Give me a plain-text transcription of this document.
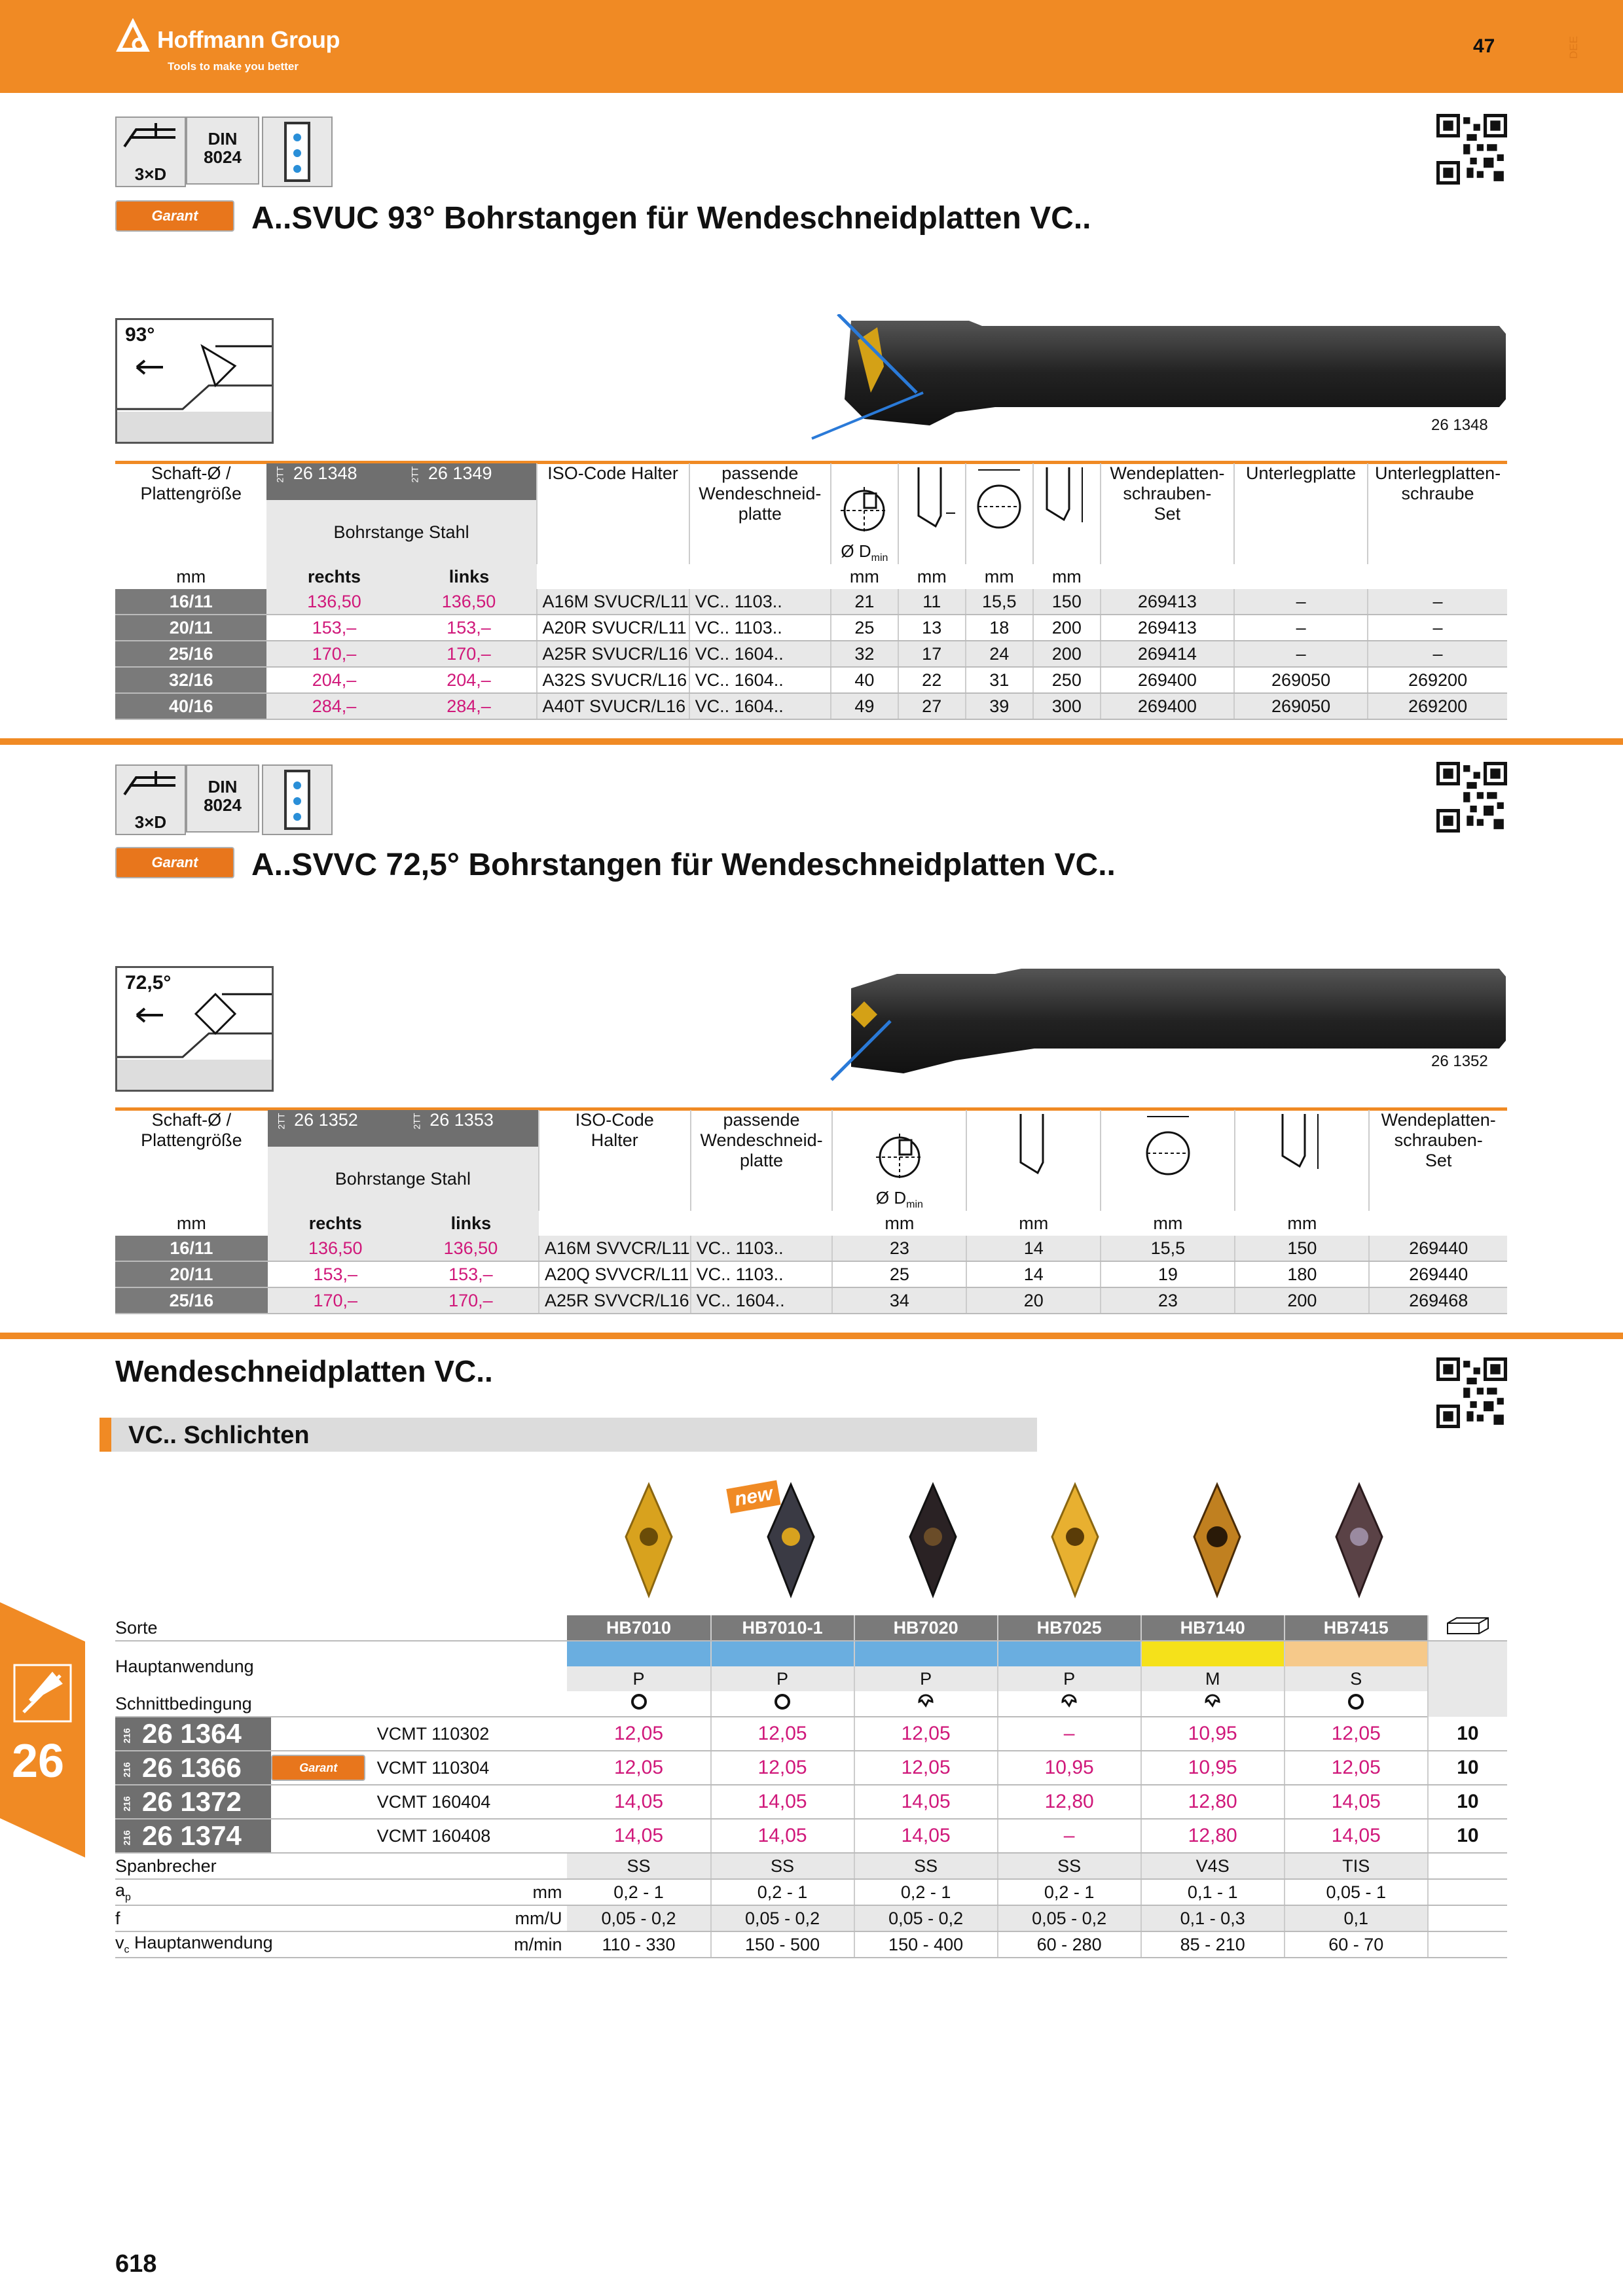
Hoffmann Group
Tools to make you better
47	DEE
3×D
DIN
8024
Garant	A..SVUC 93° Bohrstangen für Wendeschneidplatten VC..
93°
26 1348
Schaft-Ø /
Plattengröße	2ТТ 26 1348	2ТТ 26 1349	ISO-Code Halter	passende
Wendeschneid-
platte	Ø $D_{min}$				Wendeplatten-
schrauben-
Set	Unterlegplatte	Unterlegplatten-
schraube
	Bohrstange Stahl										
mm	rechts	links			mm	mm	mm	mm			
16/11	136,50	136,50	A16M SVUCR/L11	VC.. 1103..	21	11	15,5	150	269413	–	–
20/11	153,–	153,–	A20R SVUCR/L11	VC.. 1103..	25	13	18	200	269413	–	–
25/16	170,–	170,–	A25R SVUCR/L16	VC.. 1604..	32	17	24	200	269414	–	–
32/16	204,–	204,–	A32S SVUCR/L16	VC.. 1604..	40	22	31	250	269400	269050	269200
40/16	284,–	284,–	A40T SVUCR/L16	VC.. 1604..	49	27	39	300	269400	269050	269200
3×D
DIN
8024
Garant	A..SVVC 72,5° Bohrstangen für Wendeschneidplatten VC..
72,5°
26 1352
Schaft-Ø /
Plattengröße	2ТТ 26 1352	2ТТ 26 1353	ISO-Code
Halter	passende
Wendeschneid-
platte	Ø $D_{min}$				Wendeplatten-
schrauben-
Set
	Bohrstange Stahl								
mm	rechts	links			mm	mm	mm	mm	
16/11	136,50	136,50	A16M SVVCR/L11	VC.. 1103..	23	14	15,5	150	269440
20/11	153,–	153,–	A20Q SVVCR/L11	VC.. 1103..	25	14	19	180	269440
25/16	170,–	170,–	A25R SVVCR/L16	VC.. 1604..	34	20	23	200	269468
Wendeschneidplatten VC..
VC.. Schlichten
new
Sorte			HB7010	HB7010-1	HB7020	HB7025	HB7140	HB7415	
Hauptanwendung									
			P	P	P	P	M	S	
Schnittbedingung						
216 26 1364		VCMT 110302	12,05	12,05	12,05	–	10,95	12,05	10
216 26 1366	Garant	VCMT 110304	12,05	12,05	12,05	10,95	10,95	12,05	10
216 26 1372		VCMT 160404	14,05	14,05	14,05	12,80	12,80	14,05	10
216 26 1374		VCMT 160408	14,05	14,05	14,05	–	12,80	14,05	10
Spanbrecher			SS	SS	SS	SS	V4S	TIS	
$a_p$		mm	0,2 - 1	0,2 - 1	0,2 - 1	0,2 - 1	0,1 - 1	0,05 - 1	
f		mm/U	0,05 - 0,2	0,05 - 0,2	0,05 - 0,2	0,05 - 0,2	0,1 - 0,3	0,1	
$v_c$ Hauptanwendung		m/min	110 - 330	150 - 500	150 - 400	60 - 280	85 - 210	60 - 70	
26
618
